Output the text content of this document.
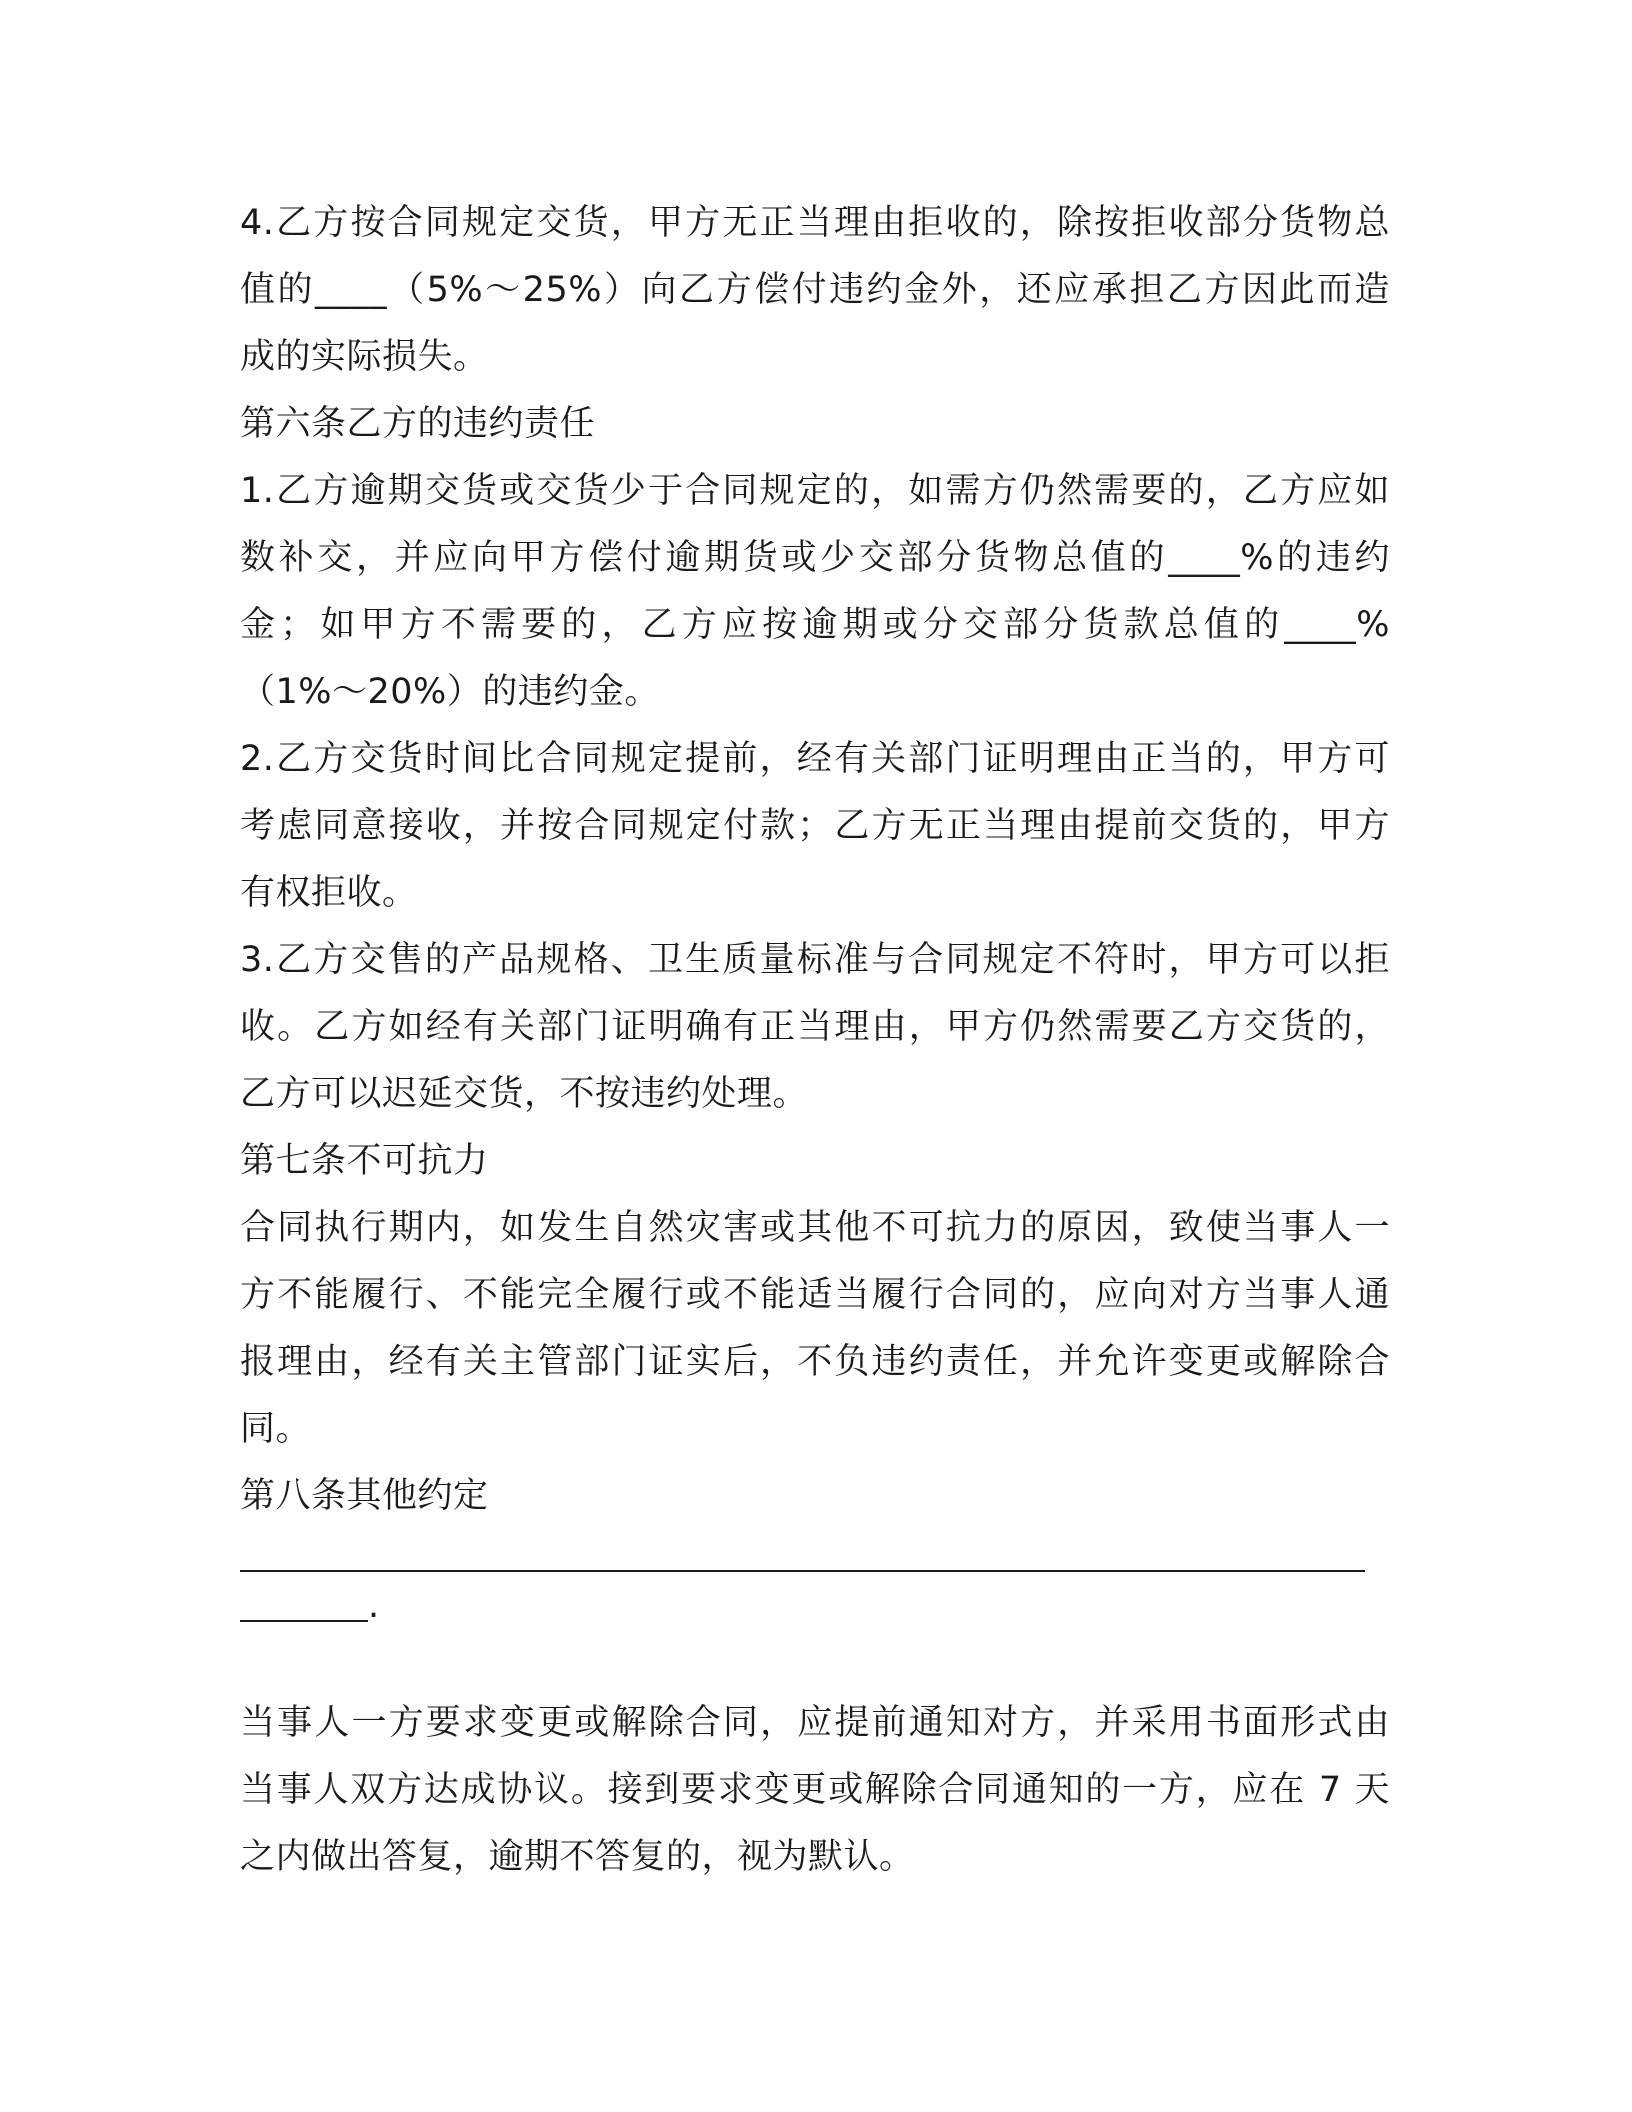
4.乙方按合同规定交货，甲方无正当理由拒收的，除按拒收部分货物总
值的____（5%～25%）向乙方偿付违约金外，还应承担乙方因此而造
成的实际损失。
第六条乙方的违约责任
1.乙方逾期交货或交货少于合同规定的，如需方仍然需要的，乙方应如
数补交，并应向甲方偿付逾期货或少交部分货物总值的____%的违约
金；如甲方不需要的，乙方应按逾期或分交部分货款总值的____%
（1%～20%）的违约金。
2.乙方交货时间比合同规定提前，经有关部门证明理由正当的，甲方可
考虑同意接收，并按合同规定付款；乙方无正当理由提前交货的，甲方
有权拒收。
3.乙方交售的产品规格、卫生质量标准与合同规定不符时，甲方可以拒
收。乙方如经有关部门证明确有正当理由，甲方仍然需要乙方交货的，
乙方可以迟延交货，不按违约处理。
第七条不可抗力
合同执行期内，如发生自然灾害或其他不可抗力的原因，致使当事人一
方不能履行、不能完全履行或不能适当履行合同的，应向对方当事人通
报理由，经有关主管部门证实后，不负违约责任，并允许变更或解除合
同。
第八条其他约定
.
当事人一方要求变更或解除合同，应提前通知对方，并采用书面形式由
当事人双方达成协议。接到要求变更或解除合同通知的一方，应在 7 天
之内做出答复，逾期不答复的，视为默认。
